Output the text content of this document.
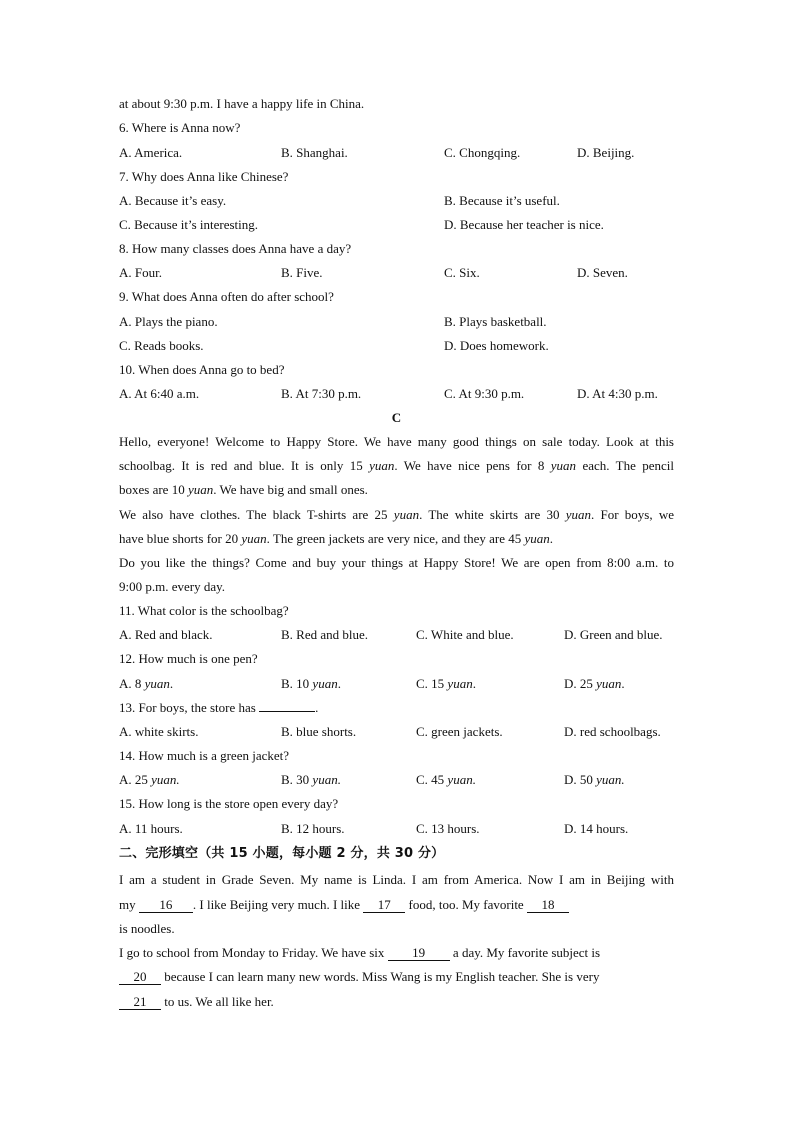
at about 9:30 p.m. I have a happy life in China.
6. Where is Anna now?
A. America.	B. Shanghai.	C. Chongqing.	D. Beijing.
7. Why does Anna like Chinese?
A. Because it’s easy.	B. Because it’s useful.
C. Because it’s interesting.	D. Because her teacher is nice.
8. How many classes does Anna have a day?
A. Four.	B. Five.	C. Six.	D. Seven.
9. What does Anna often do after school?
A. Plays the piano.	B. Plays basketball.
C. Reads books.	D. Does homework.
10. When does Anna go to bed?
A. At 6:40 a.m.	B. At 7:30 p.m.	C. At 9:30 p.m.	D. At 4:30 p.m.
C
Hello, everyone! Welcome to Happy Store. We have many good things on sale today. Look at this
schoolbag. It is red and blue. It is only 15 yuan. We have nice pens for 8 yuan each. The pencil
boxes are 10 yuan. We have big and small ones.
We also have clothes. The black T-shirts are 25 yuan. The white skirts are 30 yuan. For boys, we
have blue shorts for 20 yuan. The green jackets are very nice, and they are 45 yuan.
Do you like the things? Come and buy your things at Happy Store! We are open from 8:00 a.m. to
9:00 p.m. every day.
11. What color is the schoolbag?
A. Red and black.	B. Red and blue.	C. White and blue.	D. Green and blue.
12. How much is one pen?
A. 8 yuan.	B. 10 yuan.	C. 15 yuan.	D. 25 yuan.
13. For boys, the store has	.
A. white skirts.	B. blue shorts.	C. green jackets.	D. red schoolbags.
14. How much is a green jacket?
A. 25 yuan.	B. 30 yuan.	C. 45 yuan.	D. 50 yuan.
15. How long is the store open every day?
A. 11 hours.	B. 12 hours.	C. 13 hours.	D. 14 hours.
二、完形填空（共 15 小题，每小题 2 分，共 30 分）
I am a student in Grade Seven. My name is Linda. I am from America. Now I am in Beijing with
my 16 . I like Beijing very much. I like 17 food, too. My favorite 18
is noodles.
I go to school from Monday to Friday. We have six 19 a day. My favorite subject is
20 because I can learn many new words. Miss Wang is my English teacher. She is very
21 to us. We all like her.
